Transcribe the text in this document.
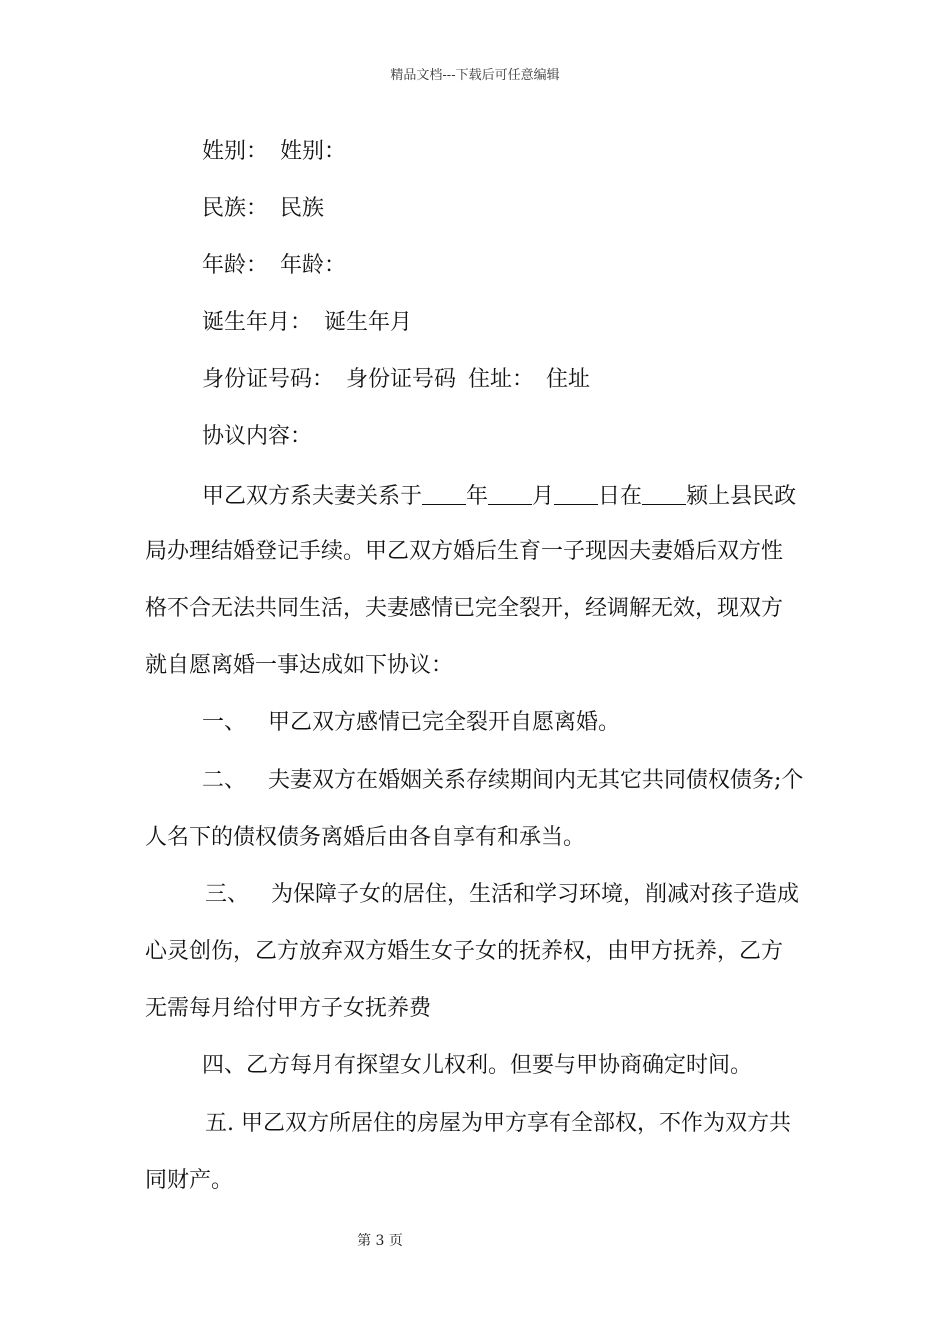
精品文档---下载后可任意编辑
姓别： 姓别：
民族： 民族
年龄： 年龄：
诞生年月： 诞生年月
身份证号码： 身份证号码 住址： 住址
协议内容：
甲乙双方系夫妻关系于 年 月 日在 颍上县民政
局办理结婚登记手续。甲乙双方婚后生育一子现因夫妻婚后双方性
格不合无法共同生活，夫妻感情已完全裂开，经调解无效，现双方
就自愿离婚一事达成如下协议：
一、 甲乙双方感情已完全裂开自愿离婚。
二、 夫妻双方在婚姻关系存续期间内无其它共同债权债务;个
人名下的债权债务离婚后由各自享有和承当。
三、 为保障子女的居住，生活和学习环境，削减对孩子造成
心灵创伤，乙方放弃双方婚生女子女的抚养权，由甲方抚养，乙方
无需每月给付甲方子女抚养费
四、乙方每月有探望女儿权利。但要与甲协商确定时间。
五. 甲乙双方所居住的房屋为甲方享有全部权，不作为双方共
同财产。
第 3 页
